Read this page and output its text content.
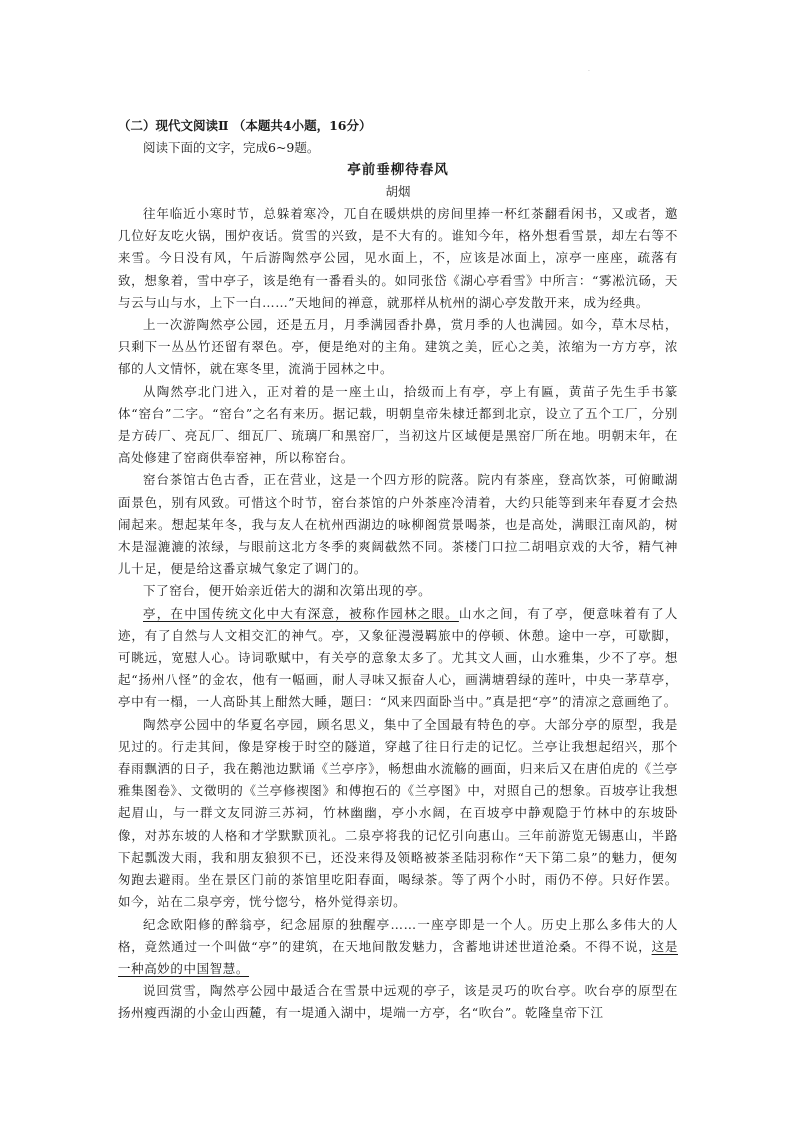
·

（二）现代文阅读Ⅱ （本题共4小题，16分）

阅读下面的文字，完成6~9题。

亭前垂柳待春风

胡烟

往年临近小寒时节，总躲着寒冷，兀自在暖烘烘的房间里捧一杯红茶翻看闲书，又或者，邀几位好友吃火锅，围炉夜话。赏雪的兴致，是不大有的。谁知今年，格外想看雪景，却左右等不来雪。今日没有风，午后游陶然亭公园，见水面上，不，应该是冰面上，凉亭一座座，疏落有致，想象着，雪中亭子，该是绝有一番看头的。如同张岱《湖心亭看雪》中所言：“雾凇沆砀，天与云与山与水，上下一白……”天地间的禅意，就那样从杭州的湖心亭发散开来，成为经典。

上一次游陶然亭公园，还是五月，月季满园香扑鼻，赏月季的人也满园。如今，草木尽枯，只剩下一丛丛竹还留有翠色。亭，便是绝对的主角。建筑之美，匠心之美，浓缩为一方方亭，浓郁的人文情怀，就在寒冬里，流淌于园林之中。

从陶然亭北门进入，正对着的是一座土山，拾级而上有亭，亭上有匾，黄苗子先生手书篆体“窑台”二字。“窑台”之名有来历。据记载，明朝皇帝朱棣迁都到北京，设立了五个工厂，分别是方砖厂、亮瓦厂、细瓦厂、琉璃厂和黑窑厂，当初这片区域便是黑窑厂所在地。明朝末年，在高处修建了窑商供奉窑神，所以称窑台。

窑台茶馆古色古香，正在营业，这是一个四方形的院落。院内有茶座，登高饮茶，可俯瞰湖面景色，别有风致。可惜这个时节，窑台茶馆的户外茶座冷清着，大约只能等到来年春夏才会热闹起来。想起某年冬，我与友人在杭州西湖边的咏柳阁赏景喝茶，也是高处，满眼江南风韵，树木是湿漉漉的浓绿，与眼前这北方冬季的爽阔截然不同。茶楼门口拉二胡唱京戏的大爷，精气神儿十足，便是给这番京城气象定了调门的。

下了窑台，便开始亲近偌大的湖和次第出现的亭。

亭，在中国传统文化中大有深意，被称作园林之眼。山水之间，有了亭，便意味着有了人迹，有了自然与人文相交汇的神气。亭，又象征漫漫羁旅中的停顿、休憩。途中一亭，可歇脚，可眺远，宽慰人心。诗词歌赋中，有关亭的意象太多了。尤其文人画，山水雅集，少不了亭。想起“扬州八怪”的金农，他有一幅画，耐人寻味又振奋人心，画满塘碧绿的莲叶，中央一茅草亭，亭中有一榻，一人高卧其上酣然大睡，题曰：“风来四面卧当中。”真是把“亭”的清凉之意画绝了。

陶然亭公园中的华夏名亭园，顾名思义，集中了全国最有特色的亭。大部分亭的原型，我是见过的。行走其间，像是穿梭于时空的隧道，穿越了往日行走的记忆。兰亭让我想起绍兴，那个春雨飘洒的日子，我在鹅池边默诵《兰亭序》，畅想曲水流觞的画面，归来后又在唐伯虎的《兰亭雅集图卷》、文徵明的《兰亭修禊图》和傅抱石的《兰亭图》中，对照自己的想象。百坡亭让我想起眉山，与一群文友同游三苏祠，竹林幽幽，亭小水阔，在百坡亭中静观隐于竹林中的东坡卧像，对苏东坡的人格和才学默默顶礼。二泉亭将我的记忆引向惠山。三年前游览无锡惠山，半路下起瓢泼大雨，我和朋友狼狈不已，还没来得及领略被茶圣陆羽称作“天下第二泉”的魅力，便匆匆跑去避雨。坐在景区门前的茶馆里吃阳春面，喝绿茶。等了两个小时，雨仍不停。只好作罢。如今，站在二泉亭旁，恍兮惚兮，格外觉得亲切。

纪念欧阳修的醉翁亭，纪念屈原的独醒亭……一座亭即是一个人。历史上那么多伟大的人格，竟然通过一个叫做“亭”的建筑，在天地间散发魅力，含蓄地讲述世道沧桑。不得不说，这是一种高妙的中国智慧。

说回赏雪，陶然亭公园中最适合在雪景中远观的亭子，该是灵巧的吹台亭。吹台亭的原型在扬州瘦西湖的小金山西麓，有一堤通入湖中，堤端一方亭，名“吹台”。乾隆皇帝下江
